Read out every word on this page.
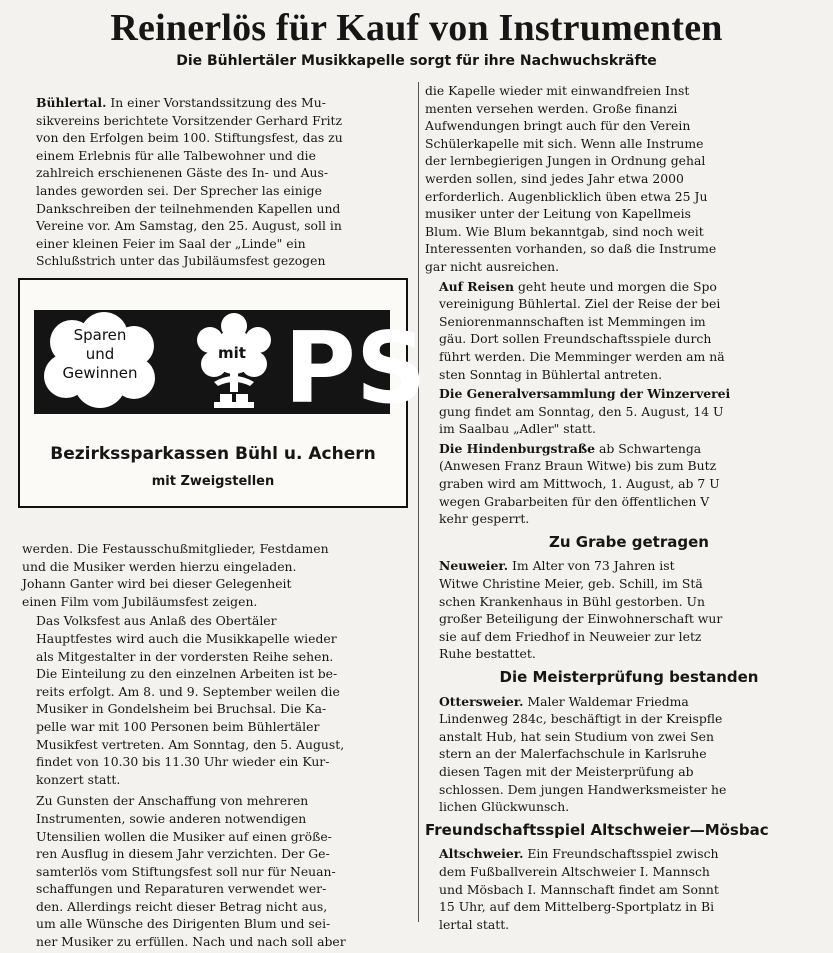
Reinerlös für Kauf von Instrumenten
Die Bühlertäler Musikkapelle sorgt für ihre Nachwuchskräfte

Bühlertal. In einer Vorstandssitzung des Mu-
sikvereins berichtete Vorsitzender Gerhard Fritz
von den Erfolgen beim 100. Stiftungsfest, das zu
einem Erlebnis für alle Talbewohner und die
zahlreich erschienenen Gäste des In- und Aus-
landes geworden sei. Der Sprecher las einige
Dankschreiben der teilnehmenden Kapellen und
Vereine vor. Am Samstag, den 25. August, soll in
einer kleinen Feier im Saal der „Linde" ein
Schlußstrich unter das Jubiläumsfest gezogen

Sparen
und
Gewinnen
mit PS
Bezirkssparkassen Bühl u. Achern
mit Zweigstellen

werden. Die Festausschußmitglieder, Festdamen
und die Musiker werden hierzu eingeladen.
Johann Ganter wird bei dieser Gelegenheit
einen Film vom Jubiläumsfest zeigen.

Das Volksfest aus Anlaß des Obertäler
Hauptfestes wird auch die Musikkapelle wieder
als Mitgestalter in der vordersten Reihe sehen.
Die Einteilung zu den einzelnen Arbeiten ist be-
reits erfolgt. Am 8. und 9. September weilen die
Musiker in Gondelsheim bei Bruchsal. Die Ka-
pelle war mit 100 Personen beim Bühlertäler
Musikfest vertreten. Am Sonntag, den 5. August,
findet von 10.30 bis 11.30 Uhr wieder ein Kur-
konzert statt.

Zu Gunsten der Anschaffung von mehreren
Instrumenten, sowie anderen notwendigen
Utensilien wollen die Musiker auf einen größe-
ren Ausflug in diesem Jahr verzichten. Der Ge-
samterlös vom Stiftungsfest soll nur für Neuan-
schaffungen und Reparaturen verwendet wer-
den. Allerdings reicht dieser Betrag nicht aus,
um alle Wünsche des Dirigenten Blum und sei-
ner Musiker zu erfüllen. Nach und nach soll aber

die Kapelle wieder mit einwandfreien Inst
menten versehen werden. Große finanzi
Aufwendungen bringt auch für den Verein
Schülerkapelle mit sich. Wenn alle Instrume
der lernbegierigen Jungen in Ordnung gehal
werden sollen, sind jedes Jahr etwa 2000
erforderlich. Augenblicklich üben etwa 25 Ju
musiker unter der Leitung von Kapellmeis
Blum. Wie Blum bekanntgab, sind noch weit
Interessenten vorhanden, so daß die Instrume
gar nicht ausreichen.

Auf Reisen geht heute und morgen die Spo
vereinigung Bühlertal. Ziel der Reise der bei
Seniorenmannschaften ist Memmingen im
gäu. Dort sollen Freundschaftsspiele durch
führt werden. Die Memminger werden am nä
sten Sonntag in Bühlertal antreten.

Die Generalversammlung der Winzerverei
gung findet am Sonntag, den 5. August, 14 U
im Saalbau „Adler" statt.

Die Hindenburgstraße ab Schwartenga
(Anwesen Franz Braun Witwe) bis zum Butz
graben wird am Mittwoch, 1. August, ab 7 U
wegen Grabarbeiten für den öffentlichen V
kehr gesperrt.

Zu Grabe getragen

Neuweier. Im Alter von 73 Jahren ist
Witwe Christine Meier, geb. Schill, im Stä
schen Krankenhaus in Bühl gestorben. Un
großer Beteiligung der Einwohnerschaft wur
sie auf dem Friedhof in Neuweier zur letz
Ruhe bestattet.

Die Meisterprüfung bestanden

Ottersweier. Maler Waldemar Friedma
Lindenweg 284c, beschäftigt in der Kreispfle
anstalt Hub, hat sein Studium von zwei Sen
stern an der Malerfachschule in Karlsruhe
diesen Tagen mit der Meisterprüfung ab
schlossen. Dem jungen Handwerksmeister he
lichen Glückwunsch.

Freundschaftsspiel Altschweier—Mösbac

Altschweier. Ein Freundschaftsspiel zwisch
dem Fußballverein Altschweier I. Mannsch
und Mösbach I. Mannschaft findet am Sonnt
15 Uhr, auf dem Mittelberg-Sportplatz in Bi
lertal statt.
